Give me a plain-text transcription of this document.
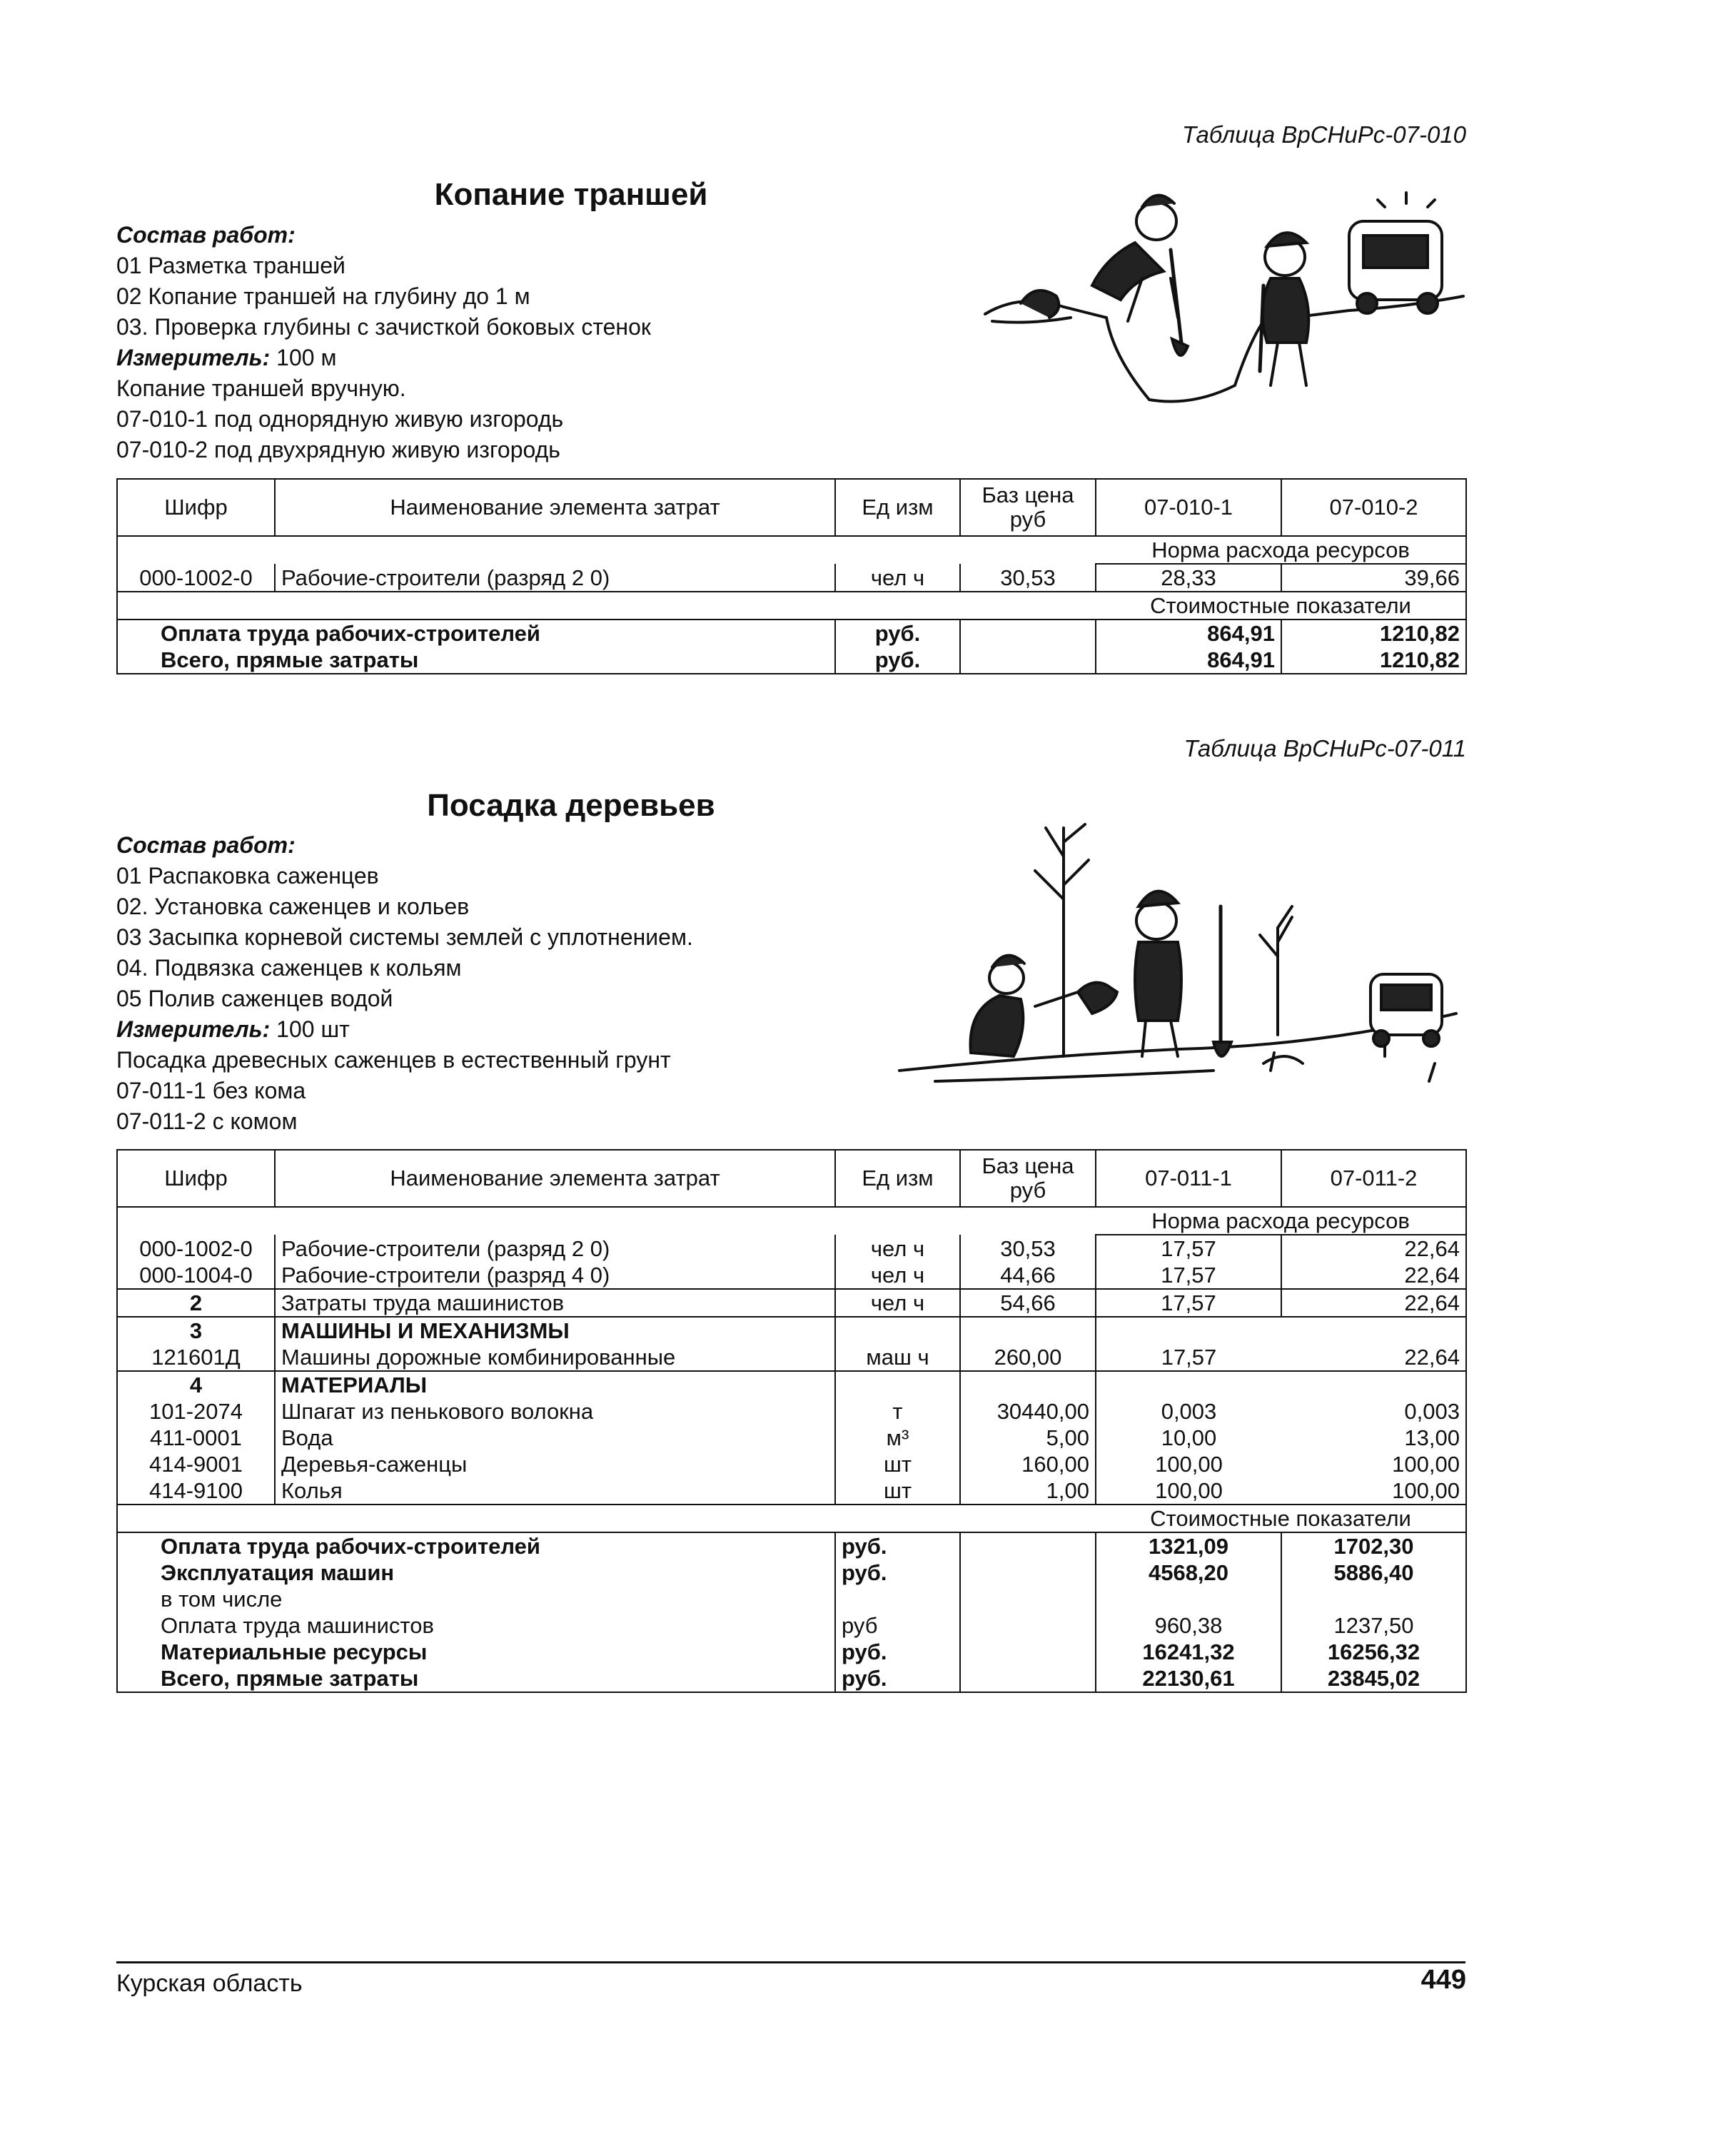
Таблица ВрСНиРс-07-010
Копание траншей
Состав работ:
01 Разметка траншей
02 Копание траншей на глубину до 1 м
03. Проверка глубины с зачисткой боковых стенок
Измеритель: 100 м
Копание траншей вручную.
07-010-1 под однорядную живую изгородь
07-010-2 под двухрядную живую изгородь
Шифр	Наименование элемента затрат	Ед изм	Баз цена руб	07-010-1	07-010-2
				Норма расхода ресурсов	
000-1002-0	Рабочие-строители (разряд 2 0)	чел ч	30,53	28,33	39,66
				Стоимостные показатели	
Оплата труда рабочих-строителей		руб.		864,91	1210,82
Всего, прямые затраты		руб.		864,91	1210,82
Таблица ВрСНиРс-07-011
Посадка деревьев
Состав работ:
01 Распаковка саженцев
02. Установка саженцев и кольев
03 Засыпка корневой системы землей с уплотнением.
04. Подвязка саженцев к кольям
05 Полив саженцев водой
Измеритель: 100 шт
Посадка древесных саженцев в естественный грунт
07-011-1 без кома
07-011-2 с комом
Шифр	Наименование элемента затрат	Ед изм	Баз цена руб	07-011-1	07-011-2
				Норма расхода ресурсов	
000-1002-0	Рабочие-строители (разряд 2 0)	чел ч	30,53	17,57	22,64
000-1004-0	Рабочие-строители (разряд 4 0)	чел ч	44,66	17,57	22,64
2	Затраты труда машинистов	чел ч	54,66	17,57	22,64
3	МАШИНЫ И МЕХАНИЗМЫ				
121601Д	Машины дорожные комбинированные	маш ч	260,00	17,57	22,64
4	МАТЕРИАЛЫ				
101-2074	Шпагат из пенькового волокна	т	30440,00	0,003	0,003
411-0001	Вода	м³	5,00	10,00	13,00
414-9001	Деревья-саженцы	шт	160,00	100,00	100,00
414-9100	Колья	шт	1,00	100,00	100,00
				Стоимостные показатели	
Оплата труда рабочих-строителей		руб.		1321,09	1702,30
Эксплуатация машин		руб.		4568,20	5886,40
в том числе					
Оплата труда машинистов		руб		960,38	1237,50
Материальные ресурсы		руб.		16241,32	16256,32
Всего, прямые затраты		руб.		22130,61	23845,02
Курская область	449
